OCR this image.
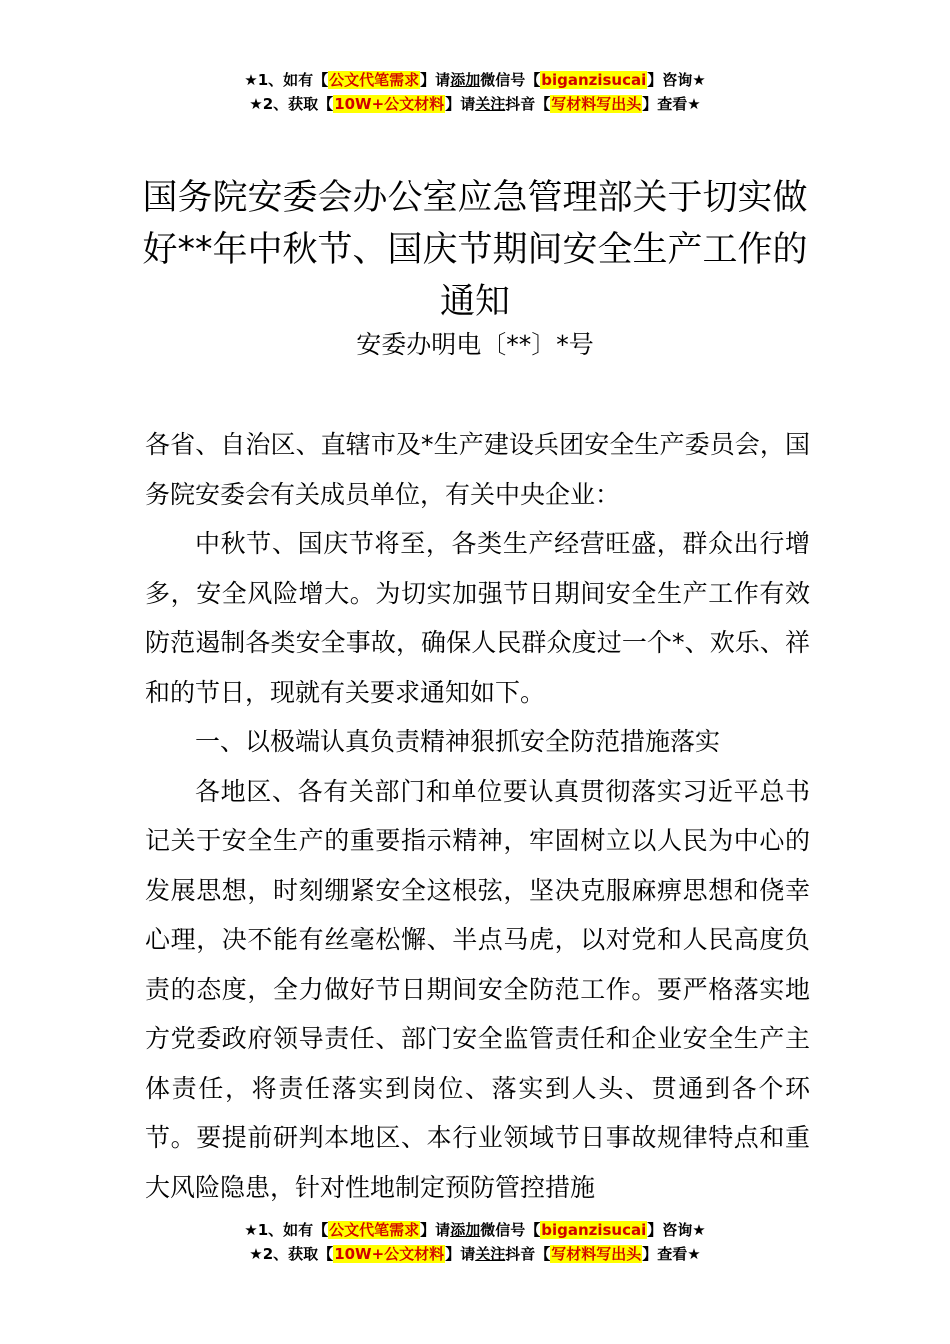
★1、如有【公文代笔需求】请添加微信号【biganzisucai】咨询★
★2、获取【10W+公文材料】请关注抖音【写材料写出头】查看★
国务院安委会办公室应急管理部关于切实做好**年中秋节、国庆节期间安全生产工作的通知
安委办明电〔**〕*号

各省、自治区、直辖市及*生产建设兵团安全生产委员会，国务院安委会有关成员单位，有关中央企业：

中秋节、国庆节将至，各类生产经营旺盛，群众出行增多，安全风险增大。为切实加强节日期间安全生产工作有效防范遏制各类安全事故，确保人民群众度过一个*、欢乐、祥和的节日，现就有关要求通知如下。

一、以极端认真负责精神狠抓安全防范措施落实

各地区、各有关部门和单位要认真贯彻落实习近平总书记关于安全生产的重要指示精神，牢固树立以人民为中心的发展思想，时刻绷紧安全这根弦，坚决克服麻痹思想和侥幸心理，决不能有丝毫松懈、半点马虎，以对党和人民高度负责的态度，全力做好节日期间安全防范工作。要严格落实地方党委政府领导责任、部门安全监管责任和企业安全生产主体责任，将责任落实到岗位、落实到人头、贯通到各个环节。要提前研判本地区、本行业领域节日事故规律特点和重大风险隐患，针对性地制定预防管控措施

★1、如有【公文代笔需求】请添加微信号【biganzisucai】咨询★
★2、获取【10W+公文材料】请关注抖音【写材料写出头】查看★
